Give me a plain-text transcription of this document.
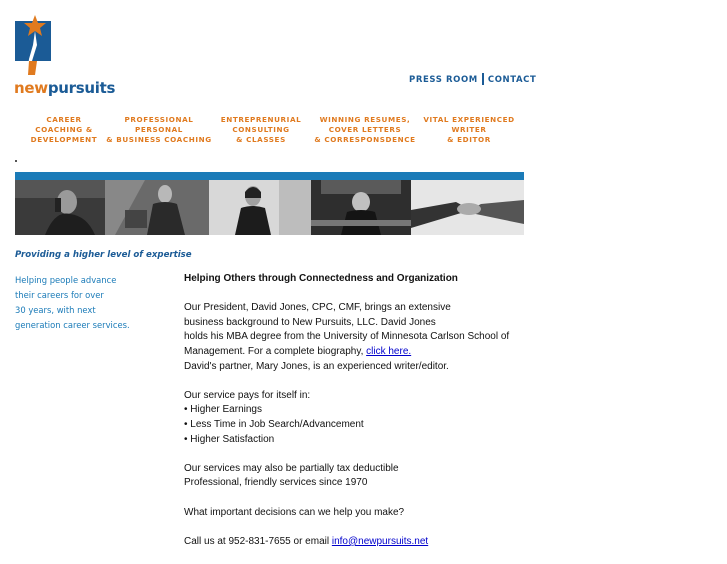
newpursuits	PRESS ROOM CONTACT
CAREER
COACHING &
DEVELOPMENT
PROFESSIONAL
PERSONAL
& BUSINESS COACHING
ENTREPRENURIAL
CONSULTING
& CLASSES
WINNING RESUMES,
COVER LETTERS
& CORRESPONSDENCE
VITAL EXPERIENCED
WRITER
& EDITOR
Providing a higher level of expertise
Helping people advance
their careers for over
30 years, with next
generation career services.
Helping Others through Connectedness and Organization

Our President, David Jones, CPC, CMF, brings an extensive
business background to New Pursuits, LLC. David Jones
holds his MBA degree from the University of Minnesota Carlson School of
Management. For a complete biography, click here.
David's partner, Mary Jones, is an experienced writer/editor.

Our service pays for itself in:
• Higher Earnings
• Less Time in Job Search/Advancement
• Higher Satisfaction

Our services may also be partially tax deductible
Professional, friendly services since 1970

What important decisions can we help you make?

Call us at 952-831-7655 or email info@newpursuits.net
